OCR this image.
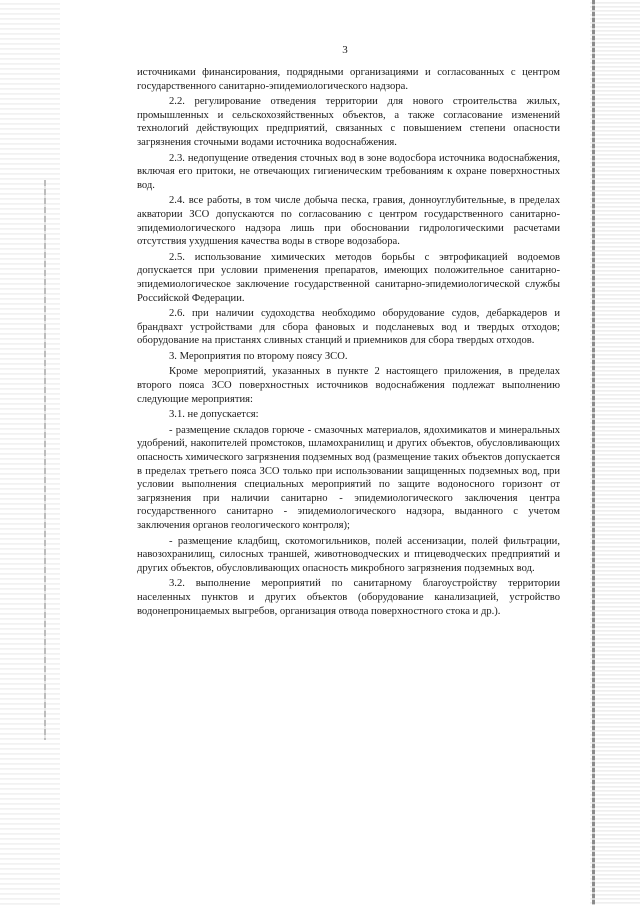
3

источниками финансирования, подрядными организациями и согласованных с центром государственного санитарно-эпидемиологического надзора.

2.2. регулирование отведения территории для нового строительства жилых, промышленных и сельскохозяйственных объектов, а также согласование изменений технологий действующих предприятий, связанных с повышением степени опасности загрязнения сточными водами источника водоснабжения.

2.3. недопущение отведения сточных вод в зоне водосбора источника водоснабжения, включая его притоки, не отвечающих гигиеническим требованиям к охране поверхностных вод.

2.4. все работы, в том числе добыча песка, гравия, донноуглубительные, в пределах акватории ЗСО допускаются по согласованию с центром государственного санитарно-эпидемиологического надзора лишь при обосновании гидрологическими расчетами отсутствия ухудшения качества воды в створе водозабора.

2.5. использование химических методов борьбы с эвтрофикацией водоемов допускается при условии применения препаратов, имеющих положительное санитарно-эпидемиологическое заключение государственной санитарно-эпидемиологической службы Российской Федерации.

2.6. при наличии судоходства необходимо оборудование судов, дебаркадеров и брандвахт устройствами для сбора фановых и подсланевых вод и твердых отходов; оборудование на пристанях сливных станций и приемников для сбора твердых отходов.

3. Мероприятия по второму поясу ЗСО.

Кроме мероприятий, указанных в пункте 2 настоящего приложения, в пределах второго пояса ЗСО поверхностных источников водоснабжения подлежат выполнению следующие мероприятия:

3.1. не допускается:

- размещение складов горюче - смазочных материалов, ядохимикатов и минеральных удобрений, накопителей промстоков, шламохранилищ и других объектов, обусловливающих опасность химического загрязнения подземных вод (размещение таких объектов допускается в пределах третьего пояса ЗСО только при использовании защищенных подземных вод, при условии выполнения специальных мероприятий по защите водоносного горизонт от загрязнения при наличии санитарно - эпидемиологического заключения центра государственного санитарно - эпидемиологического надзора, выданного с учетом заключения органов геологического контроля);

- размещение кладбищ, скотомогильников, полей ассенизации, полей фильтрации, навозохранилищ, силосных траншей, животноводческих и птицеводческих предприятий и других объектов, обусловливающих опасность микробного загрязнения подземных вод.

3.2. выполнение мероприятий по санитарному благоустройству территории населенных пунктов и других объектов (оборудование канализацией, устройство водонепроницаемых выгребов, организация отвода поверхностного стока и др.).
